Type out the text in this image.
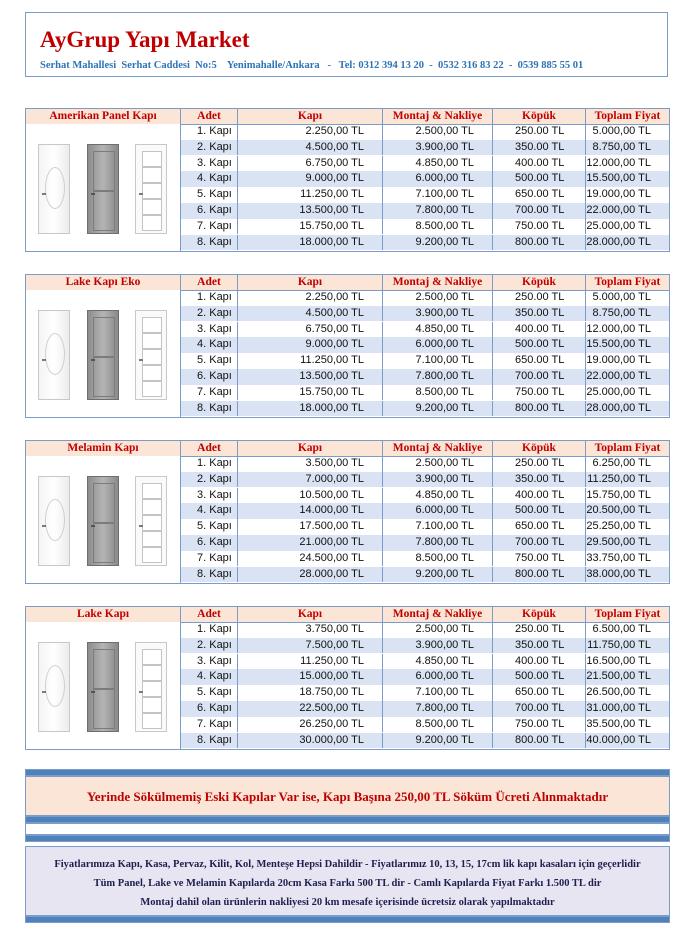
AyGrup Yapı Market
Serhat Mahallesi  Serhat Caddesi  No:5    Yenimahalle/Ankara   -   Tel: 0312 394 13 20  -  0532 316 83 22  -  0539 885 55 01
Amerikan Panel Kapı	Adet	Kapı	Montaj & Nakliye	Köpük	Toplam Fiyat
1. Kapı	2.250,00 TL	2.500,00 TL	250.00 TL	5.000,00 TL
2. Kapı	4.500,00 TL	3.900,00 TL	350.00 TL	8.750,00 TL
3. Kapı	6.750,00 TL	4.850,00 TL	400.00 TL	12.000,00 TL
4. Kapı	9.000,00 TL	6.000,00 TL	500.00 TL	15.500,00 TL
5. Kapı	11.250,00 TL	7.100,00 TL	650.00 TL	19.000,00 TL
6. Kapı	13.500,00 TL	7.800,00 TL	700.00 TL	22.000,00 TL
7. Kapı	15.750,00 TL	8.500,00 TL	750.00 TL	25.000,00 TL
8. Kapı	18.000,00 TL	9.200,00 TL	800.00 TL	28.000,00 TL
Lake Kapı Eko	Adet	Kapı	Montaj & Nakliye	Köpük	Toplam Fiyat
1. Kapı	2.250,00 TL	2.500,00 TL	250.00 TL	5.000,00 TL
2. Kapı	4.500,00 TL	3.900,00 TL	350.00 TL	8.750,00 TL
3. Kapı	6.750,00 TL	4.850,00 TL	400.00 TL	12.000,00 TL
4. Kapı	9.000,00 TL	6.000,00 TL	500.00 TL	15.500,00 TL
5. Kapı	11.250,00 TL	7.100,00 TL	650.00 TL	19.000,00 TL
6. Kapı	13.500,00 TL	7.800,00 TL	700.00 TL	22.000,00 TL
7. Kapı	15.750,00 TL	8.500,00 TL	750.00 TL	25.000,00 TL
8. Kapı	18.000,00 TL	9.200,00 TL	800.00 TL	28.000,00 TL
Melamin Kapı	Adet	Kapı	Montaj & Nakliye	Köpük	Toplam Fiyat
1. Kapı	3.500,00 TL	2.500,00 TL	250.00 TL	6.250,00 TL
2. Kapı	7.000,00 TL	3.900,00 TL	350.00 TL	11.250,00 TL
3. Kapı	10.500,00 TL	4.850,00 TL	400.00 TL	15.750,00 TL
4. Kapı	14.000,00 TL	6.000,00 TL	500.00 TL	20.500,00 TL
5. Kapı	17.500,00 TL	7.100,00 TL	650.00 TL	25.250,00 TL
6. Kapı	21.000,00 TL	7.800,00 TL	700.00 TL	29.500,00 TL
7. Kapı	24.500,00 TL	8.500,00 TL	750.00 TL	33.750,00 TL
8. Kapı	28.000,00 TL	9.200,00 TL	800.00 TL	38.000,00 TL
Lake Kapı	Adet	Kapı	Montaj & Nakliye	Köpük	Toplam Fiyat
1. Kapı	3.750,00 TL	2.500,00 TL	250.00 TL	6.500,00 TL
2. Kapı	7.500,00 TL	3.900,00 TL	350.00 TL	11.750,00 TL
3. Kapı	11.250,00 TL	4.850,00 TL	400.00 TL	16.500,00 TL
4. Kapı	15.000,00 TL	6.000,00 TL	500.00 TL	21.500,00 TL
5. Kapı	18.750,00 TL	7.100,00 TL	650.00 TL	26.500,00 TL
6. Kapı	22.500,00 TL	7.800,00 TL	700.00 TL	31.000,00 TL
7. Kapı	26.250,00 TL	8.500,00 TL	750.00 TL	35.500,00 TL
8. Kapı	30.000,00 TL	9.200,00 TL	800.00 TL	40.000,00 TL
Yerinde Sökülmemiş Eski Kapılar Var ise, Kapı Başına 250,00 TL Söküm Ücreti Alınmaktadır
Fiyatlarımıza Kapı, Kasa, Pervaz, Kilit, Kol, Menteşe Hepsi Dahildir - Fiyatlarımız 10, 13, 15, 17cm lik kapı kasaları için geçerlidir
Tüm Panel, Lake ve Melamin Kapılarda 20cm Kasa Farkı 500 TL dir - Camlı Kapılarda Fiyat Farkı 1.500 TL dir
Montaj dahil olan ürünlerin nakliyesi 20 km mesafe içerisinde ücretsiz olarak yapılmaktadır
